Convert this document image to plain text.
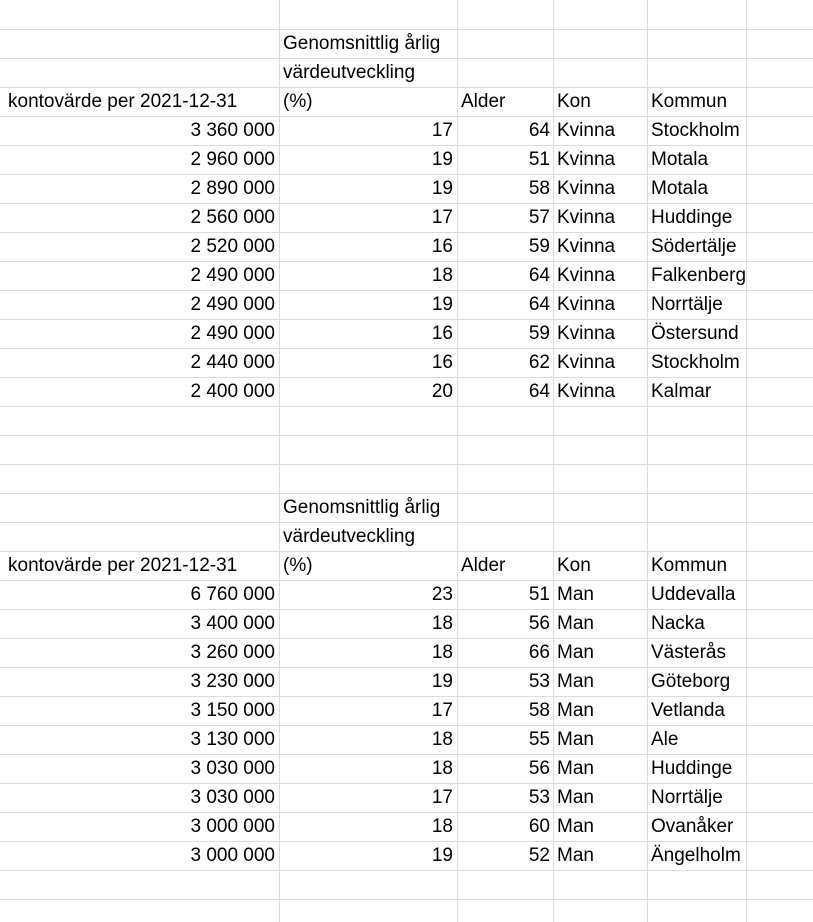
Genomsnittlig årlig
värdeutveckling
kontovärde per 2021-12-31	(%)	Alder	Kon	Kommun
3 360 000	17	64 Kvinna	Stockholm
2 960 000	19	51 Kvinna	Motala
2 890 000	19	58 Kvinna	Motala
2 560 000	17	57 Kvinna	Huddinge
2 520 000	16	59 Kvinna	Södertälje
2 490 000	18	64 Kvinna	Falkenberg
2 490 000	19	64 Kvinna	Norrtälje
2 490 000	16	59 Kvinna	Östersund
2 440 000	16	62 Kvinna	Stockholm
2 400 000	20	64 Kvinna	Kalmar
Genomsnittlig årlig
värdeutveckling
kontovärde per 2021-12-31	(%)	Alder	Kon	Kommun
6 760 000	23	51 Man	Uddevalla
3 400 000	18	56 Man	Nacka
3 260 000	18	66 Man	Västerås
3 230 000	19	53 Man	Göteborg
3 150 000	17	58 Man	Vetlanda
3 130 000	18	55 Man	Ale
3 030 000	18	56 Man	Huddinge
3 030 000	17	53 Man	Norrtälje
3 000 000	18	60 Man	Ovanåker
3 000 000	19	52 Man	Ängelholm
